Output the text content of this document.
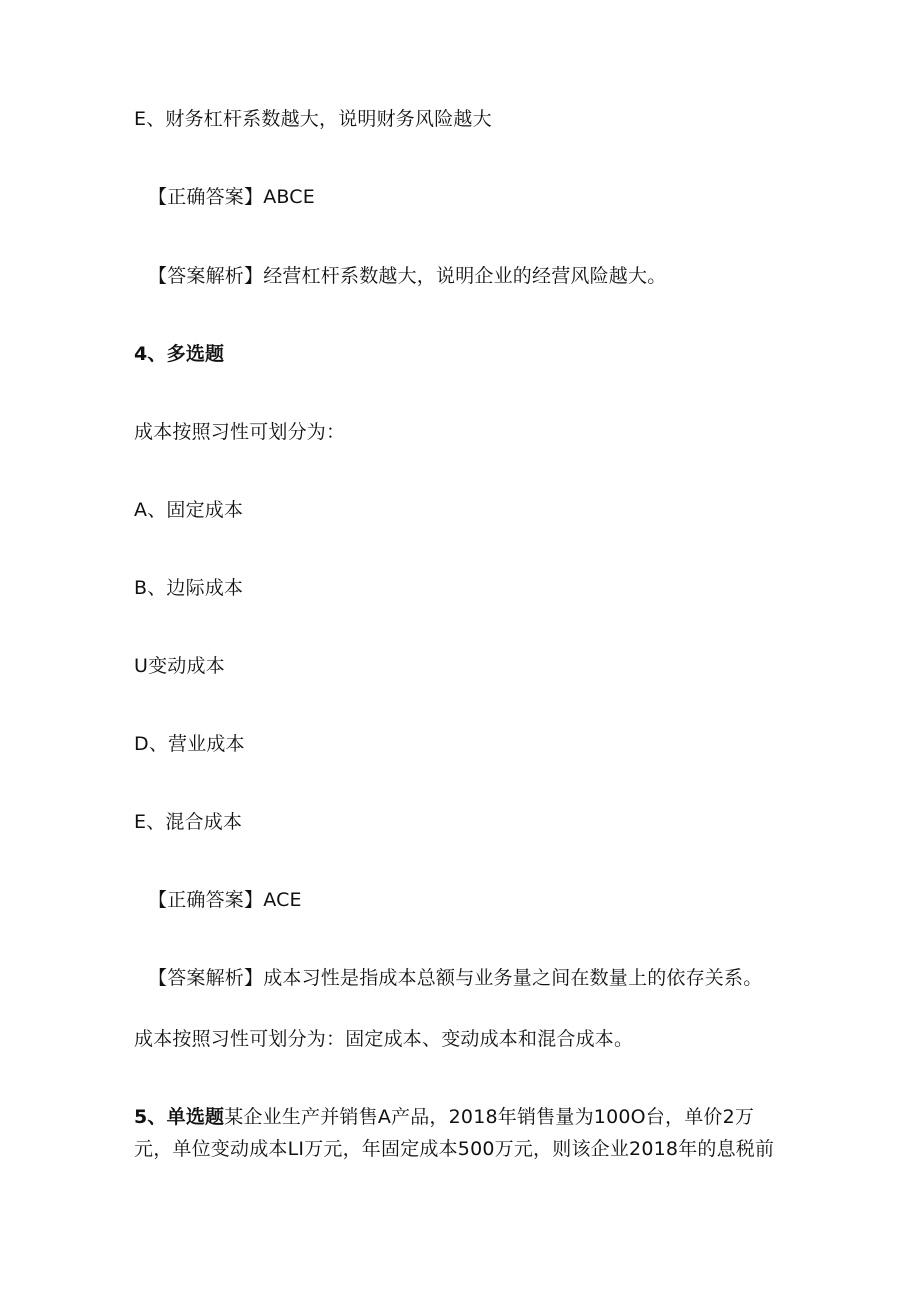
E、财务杠杆系数越大，说明财务风险越大
【正确答案】ABCE
【答案解析】经营杠杆系数越大，说明企业的经营风险越大。
4、多选题
成本按照习性可划分为：
A、固定成本
B、边际成本
U变动成本
D、营业成本
E、混合成本
【正确答案】ACE
【答案解析】成本习性是指成本总额与业务量之间在数量上的依存关系。
成本按照习性可划分为：固定成本、变动成本和混合成本。
5、单选题某企业生产并销售A产品，2018年销售量为100O台，单价2万
元，单位变动成本LI万元，年固定成本500万元，则该企业2018年的息税前
